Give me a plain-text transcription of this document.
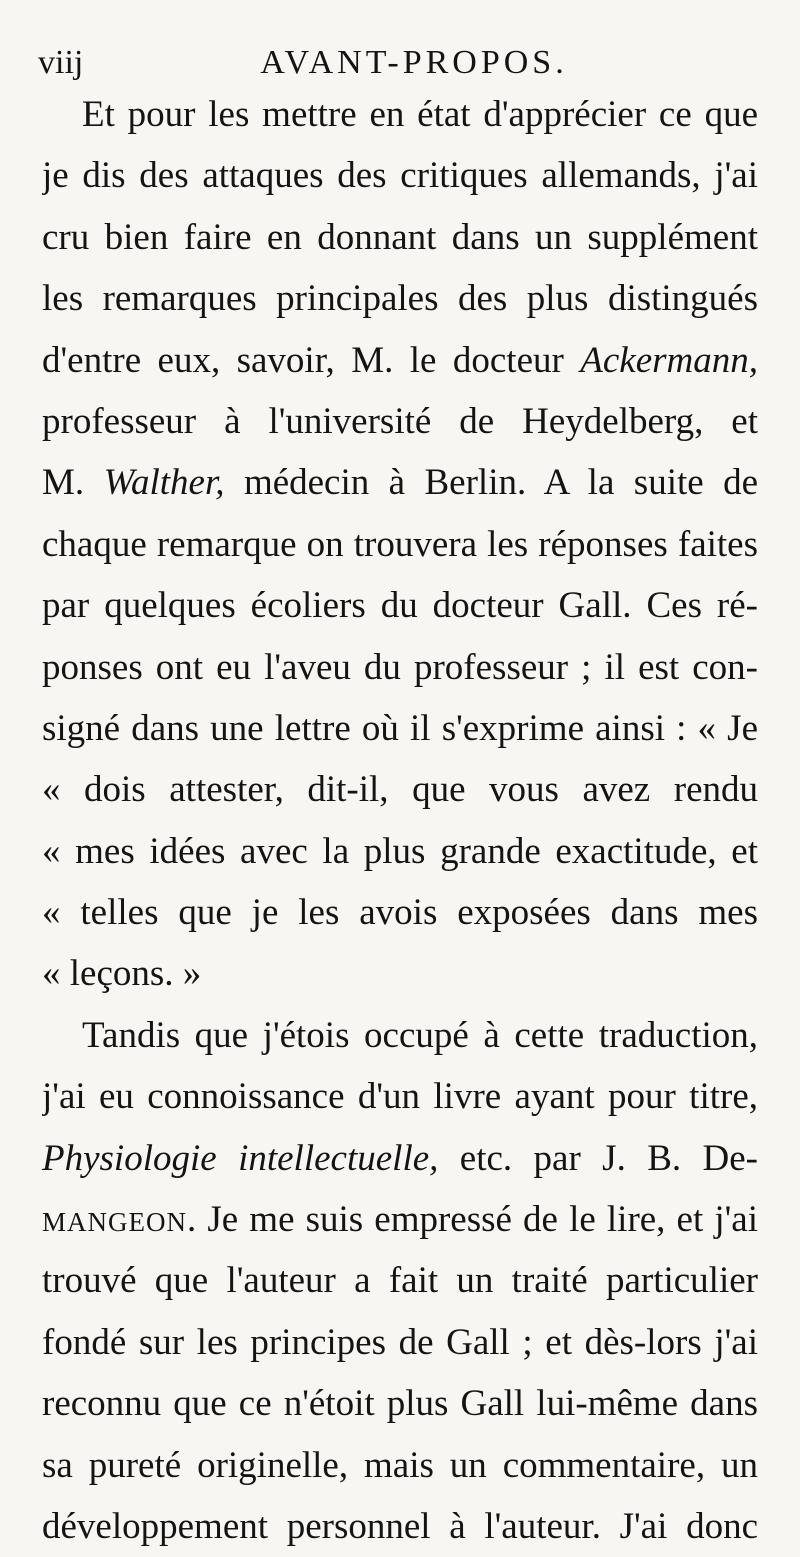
viij	AVANT-PROPOS.
Et pour les mettre en état d'apprécier ce que
je dis des attaques des critiques allemands, j'ai
cru bien faire en donnant dans un supplément
les remarques principales des plus distingués
d'entre eux, savoir, M. le docteur Ackermann,
professeur à l'université de Heydelberg, et
M. Walther, médecin à Berlin. A la suite de
chaque remarque on trouvera les réponses faites
par quelques écoliers du docteur Gall. Ces ré-
ponses ont eu l'aveu du professeur ; il est con-
signé dans une lettre où il s'exprime ainsi : « Je
« dois attester, dit-il, que vous avez rendu
« mes idées avec la plus grande exactitude, et
« telles que je les avois exposées dans mes
« leçons. »
Tandis que j'étois occupé à cette traduction,
j'ai eu connoissance d'un livre ayant pour titre,
Physiologie intellectuelle, etc. par J. B. De-
MANGEON. Je me suis empressé de le lire, et j'ai
trouvé que l'auteur a fait un traité particulier
fondé sur les principes de Gall ; et dès-lors j'ai
reconnu que ce n'étoit plus Gall lui-même dans
sa pureté originelle, mais un commentaire, un
développement personnel à l'auteur. J'ai donc
